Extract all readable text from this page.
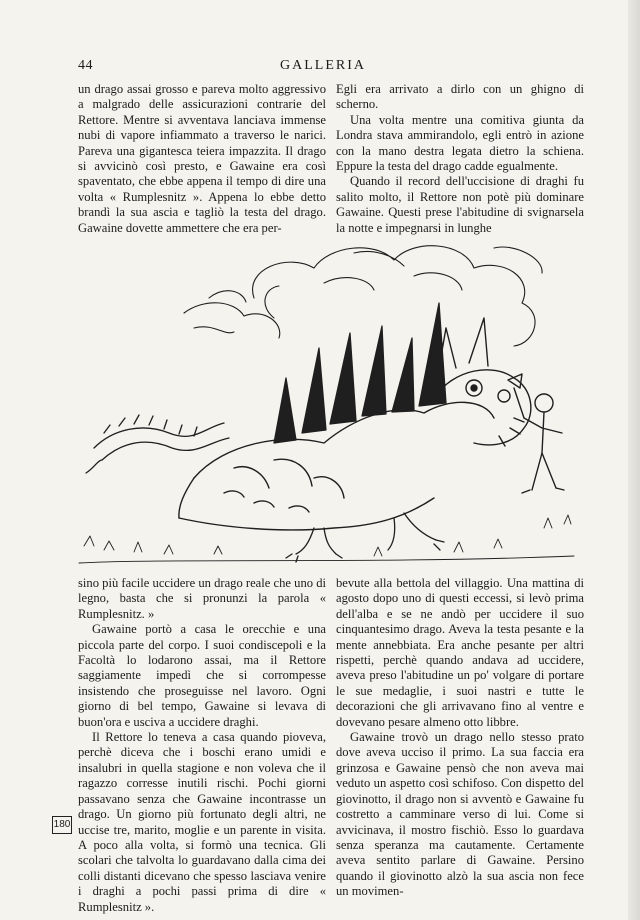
44	GALLERIA

un drago assai grosso e pareva molto aggressivo a malgrado delle assicurazioni contrarie del Rettore. Mentre si avventava lanciava immense nubi di vapore infiammato a traverso le narici. Pareva una gigantesca teiera impazzita. Il drago si avvicinò così presto, e Gawaine era così spaventato, che ebbe appena il tempo di dire una volta « Rumplesnitz ». Appena lo ebbe detto brandì la sua ascia e tagliò la testa del drago. Gawaine dovette ammettere che era per-

Egli era arrivato a dirlo con un ghigno di scherno.

Una volta mentre una comitiva giunta da Londra stava ammirandolo, egli entrò in azione con la mano destra legata dietro la schiena. Eppure la testa del drago cadde egualmente.

Quando il record dell'uccisione di draghi fu salito molto, il Rettore non potè più dominare Gawaine. Questi prese l'abitudine di svignarsela la notte e impegnarsi in lunghe

sino più facile uccidere un drago reale che uno di legno, basta che si pronunzi la parola « Rumplesnitz. »

Gawaine portò a casa le orecchie e una piccola parte del corpo. I suoi condiscepoli e la Facoltà lo lodarono assai, ma il Rettore saggiamente impedì che si corrompesse insistendo che proseguisse nel lavoro. Ogni giorno di bel tempo, Gawaine si levava di buon'ora e usciva a uccidere draghi.

Il Rettore lo teneva a casa quando pioveva, perchè diceva che i boschi erano umidi e insalubri in quella stagione e non voleva che il ragazzo corresse inutili rischi. Pochi giorni passavano senza che Gawaine incontrasse un drago. Un giorno più fortunato degli altri, ne uccise tre, marito, moglie e un parente in visita. A poco alla volta, si formò una tecnica. Gli scolari che talvolta lo guardavano dalla cima dei colli distanti dicevano che spesso lasciava venire i draghi a pochi passi prima di dire « Rumplesnitz ».

bevute alla bettola del villaggio. Una mattina di agosto dopo uno di questi eccessi, si levò prima dell'alba e se ne andò per uccidere il suo cinquantesimo drago. Aveva la testa pesante e la mente annebbiata. Era anche pesante per altri rispetti, perchè quando andava ad uccidere, aveva preso l'abitudine un po' volgare di portare le sue medaglie, i suoi nastri e tutte le decorazioni che gli arrivavano fino al ventre e dovevano pesare almeno otto libbre.

Gawaine trovò un drago nello stesso prato dove aveva ucciso il primo. La sua faccia era grinzosa e Gawaine pensò che non aveva mai veduto un aspetto così schifoso. Con dispetto del giovinotto, il drago non si avventò e Gawaine fu costretto a camminare verso di lui. Come si avvicinava, il mostro fischiò. Esso lo guardava senza speranza ma cautamente. Certamente aveva sentito parlare di Gawaine. Persino quando il giovinotto alzò la sua ascia non fece un movimen-

180
